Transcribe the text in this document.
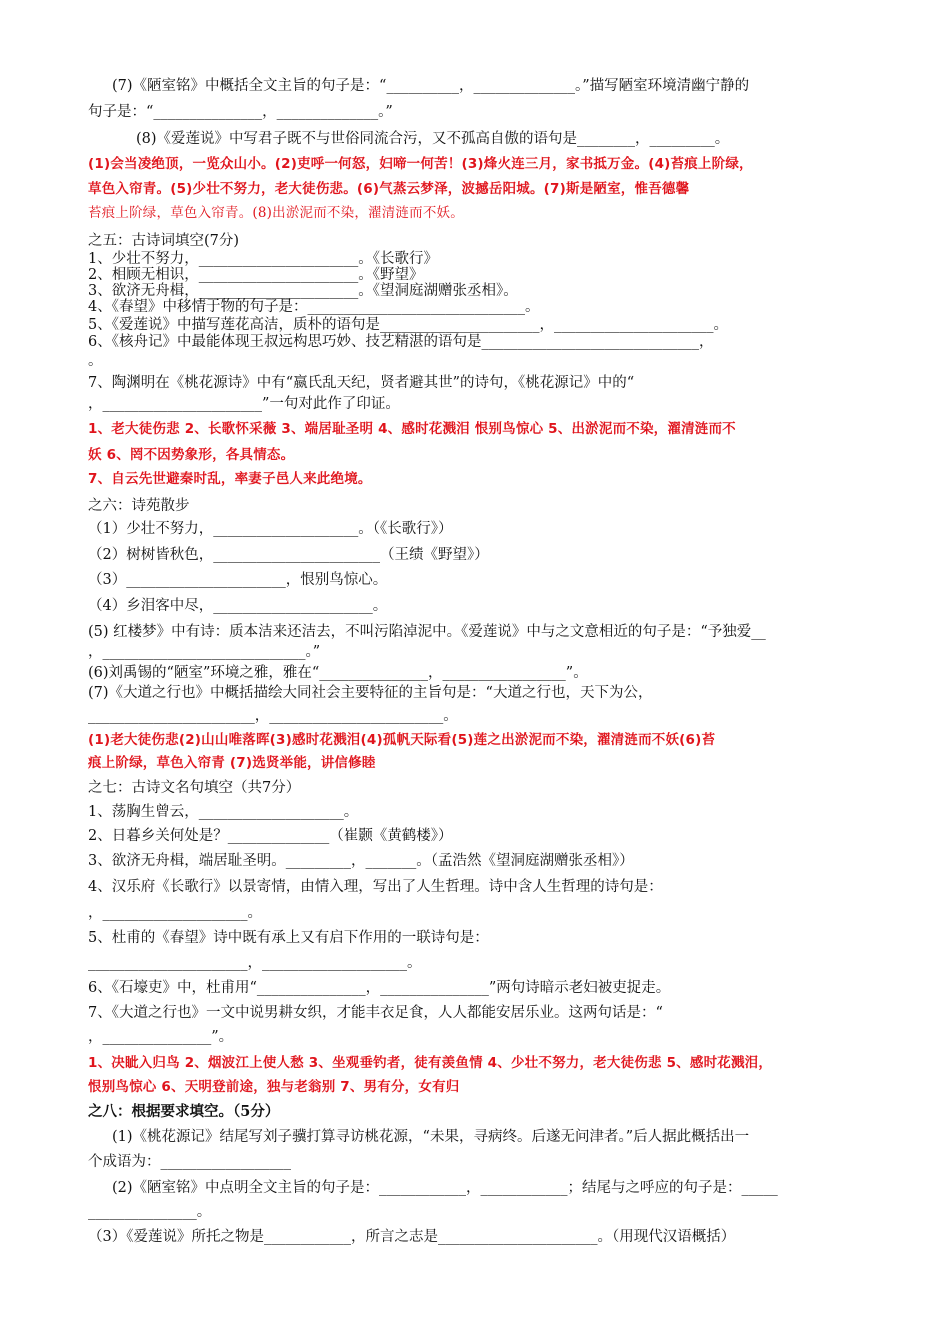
(7)《陋室铭》中概括全文主旨的句子是：“__________，______________。”描写陋室环境清幽宁静的

句子是：“_______________，______________。”

(8)《爱莲说》中写君子既不与世俗同流合污，又不孤高自傲的语句是________，_________。

(1)会当凌绝顶，一览众山小。(2)吏呼一何怒，妇啼一何苦！(3)烽火连三月，家书抵万金。(4)苔痕上阶绿，

草色入帘青。(5)少壮不努力，老大徒伤悲。(6)气蒸云梦泽，波撼岳阳城。(7)斯是陋室，惟吾德馨

苔痕上阶绿，草色入帘青。(8)出淤泥而不染，濯清涟而不妖。

之五：古诗词填空(7分)

1、少壮不努力，______________________。《长歌行》

2、相顾无相识，______________________。《野望》

3、欲济无舟楫，______________________。《望洞庭湖赠张丞相》。

4、《春望》中移情于物的句子是：______________________________。

5、《爱莲说》中描写莲花高洁，质朴的语句是______________________，______________________。

6、《核舟记》中最能体现王叔远构思巧妙、技艺精湛的语句是______________________________，

。

7、陶渊明在《桃花源诗》中有“嬴氏乱天纪，贤者避其世”的诗句，《桃花源记》中的“

，______________________”一句对此作了印证。

1、老大徒伤悲 2、长歌怀采薇 3、端居耻圣明 4、感时花溅泪 恨别鸟惊心 5、出淤泥而不染，濯清涟而不

妖 6、罔不因势象形，各具情态。

7、自云先世避秦时乱，率妻子邑人来此绝境。

之六：诗苑散步

（1）少壮不努力，____________________。（《长歌行》）

（2）树树皆秋色，_______________________（王绩《野望》）

（3）______________________，恨别鸟惊心。

（4）乡泪客中尽，______________________。

(5) 红楼梦》中有诗：质本洁来还洁去，不叫污陷淖泥中。《爱莲说》中与之文意相近的句子是：“予独爱__

，____________________________。”

(6)刘禹锡的“陋室”环境之雅，雅在“_______________，_________________”。

(7)《大道之行也》中概括描绘大同社会主要特征的主旨句是：“大道之行也，天下为公，

_______________________，________________________。

(1)老大徒伤悲(2)山山唯落晖(3)感时花溅泪(4)孤帆天际看(5)莲之出淤泥而不染，濯清涟而不妖(6)苔

痕上阶绿，草色入帘青 (7)选贤举能，讲信修睦

之七：古诗文名句填空（共7分）

1、荡胸生曾云，____________________。

2、日暮乡关何处是？______________（崔颢《黄鹤楼》）

3、欲济无舟楫，端居耻圣明。_________，_______。（孟浩然《望洞庭湖赠张丞相》）

4、汉乐府《长歌行》以景寄情，由情入理，写出了人生哲理。诗中含人生哲理的诗句是：

，____________________。

5、杜甫的《春望》诗中既有承上又有启下作用的一联诗句是：

______________________，____________________。

6、《石壕吏》中，杜甫用“_______________，_______________”两句诗暗示老妇被吏捉走。

7、《大道之行也》一文中说男耕女织，才能丰衣足食，人人都能安居乐业。这两句话是：“

，_______________”。

1、决眦入归鸟 2、烟波江上使人愁 3、坐观垂钓者，徒有羡鱼情 4、少壮不努力，老大徒伤悲 5、感时花溅泪，

恨别鸟惊心 6、天明登前途，独与老翁别 7、男有分，女有归

之八：根据要求填空。（5分）

(1)《桃花源记》结尾写刘子骥打算寻访桃花源，“未果，寻病终。后遂无问津者。”后人据此概括出一

个成语为：__________________

(2)《陋室铭》中点明全文主旨的句子是：____________，____________；结尾与之呼应的句子是：_____

_______________。

（3）《爱莲说》所托之物是____________，所言之志是______________________。（用现代汉语概括）
